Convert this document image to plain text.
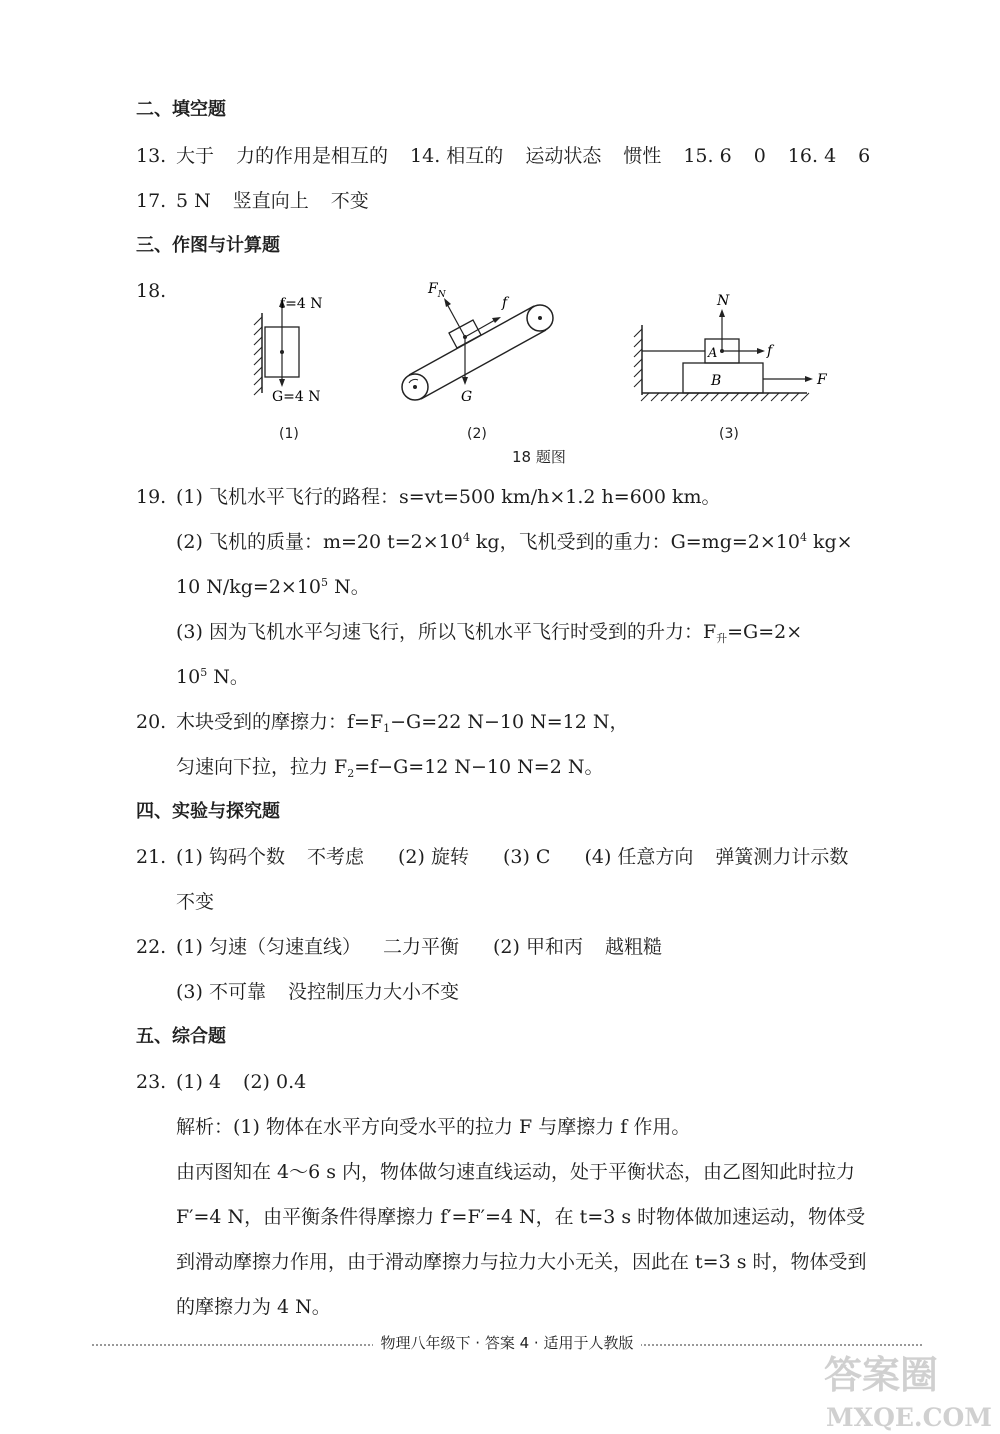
二、填空题
13. 大于 力的作用是相互的 14. 相互的 运动状态 惯性 15. 6 0 16. 4 6
17. 5 N 竖直向上 不变
三、作图与计算题
18.
f=4 N
G=4 N
(1)
$F_N$	f
G
(2)
N
A
B
f
F
(3)
18 题图
19. (1) 飞机水平飞行的路程：s=vt=500 km/h×1.2 h=600 km。
(2) 飞机的质量：m=20 $t=2\times 10^4$ kg，飞机受到的重力：$G=mg=2\times 10^4$ kg×
10 $N/kg=2\times 10^5$ N。
(3) 因为飞机水平匀速飞行，所以飞机水平飞行时受到的升力：$F_升=G=2\times$
$10^5$ N。
20. 木块受到的摩擦力：$f=F_1-G=22$ N−10 N=12 N，
匀速向下拉，拉力 $F_2=f-G=12$ N−10 N=2 N。
四、实验与探究题
21. (1) 钩码个数 不考虑 (2) 旋转 (3) C (4) 任意方向 弹簧测力计示数
不变
22. (1) 匀速（匀速直线） 二力平衡 (2) 甲和丙 越粗糙
(3) 不可靠 没控制压力大小不变
五、综合题
23. (1) 4 (2) 0.4
解析：(1) 物体在水平方向受水平的拉力 F 与摩擦力 f 作用。
由丙图知在 4～6 s 内，物体做匀速直线运动，处于平衡状态，由乙图知此时拉力
F′=4 N，由平衡条件得摩擦力 f′=F′=4 N，在 t=3 s 时物体做加速运动，物体受
到滑动摩擦力作用，由于滑动摩擦力与拉力大小无关，因此在 t=3 s 时，物体受到
的摩擦力为 4 N。
物理八年级下 · 答案 4 · 适用于人教版
答案圈
MXQE.COM
